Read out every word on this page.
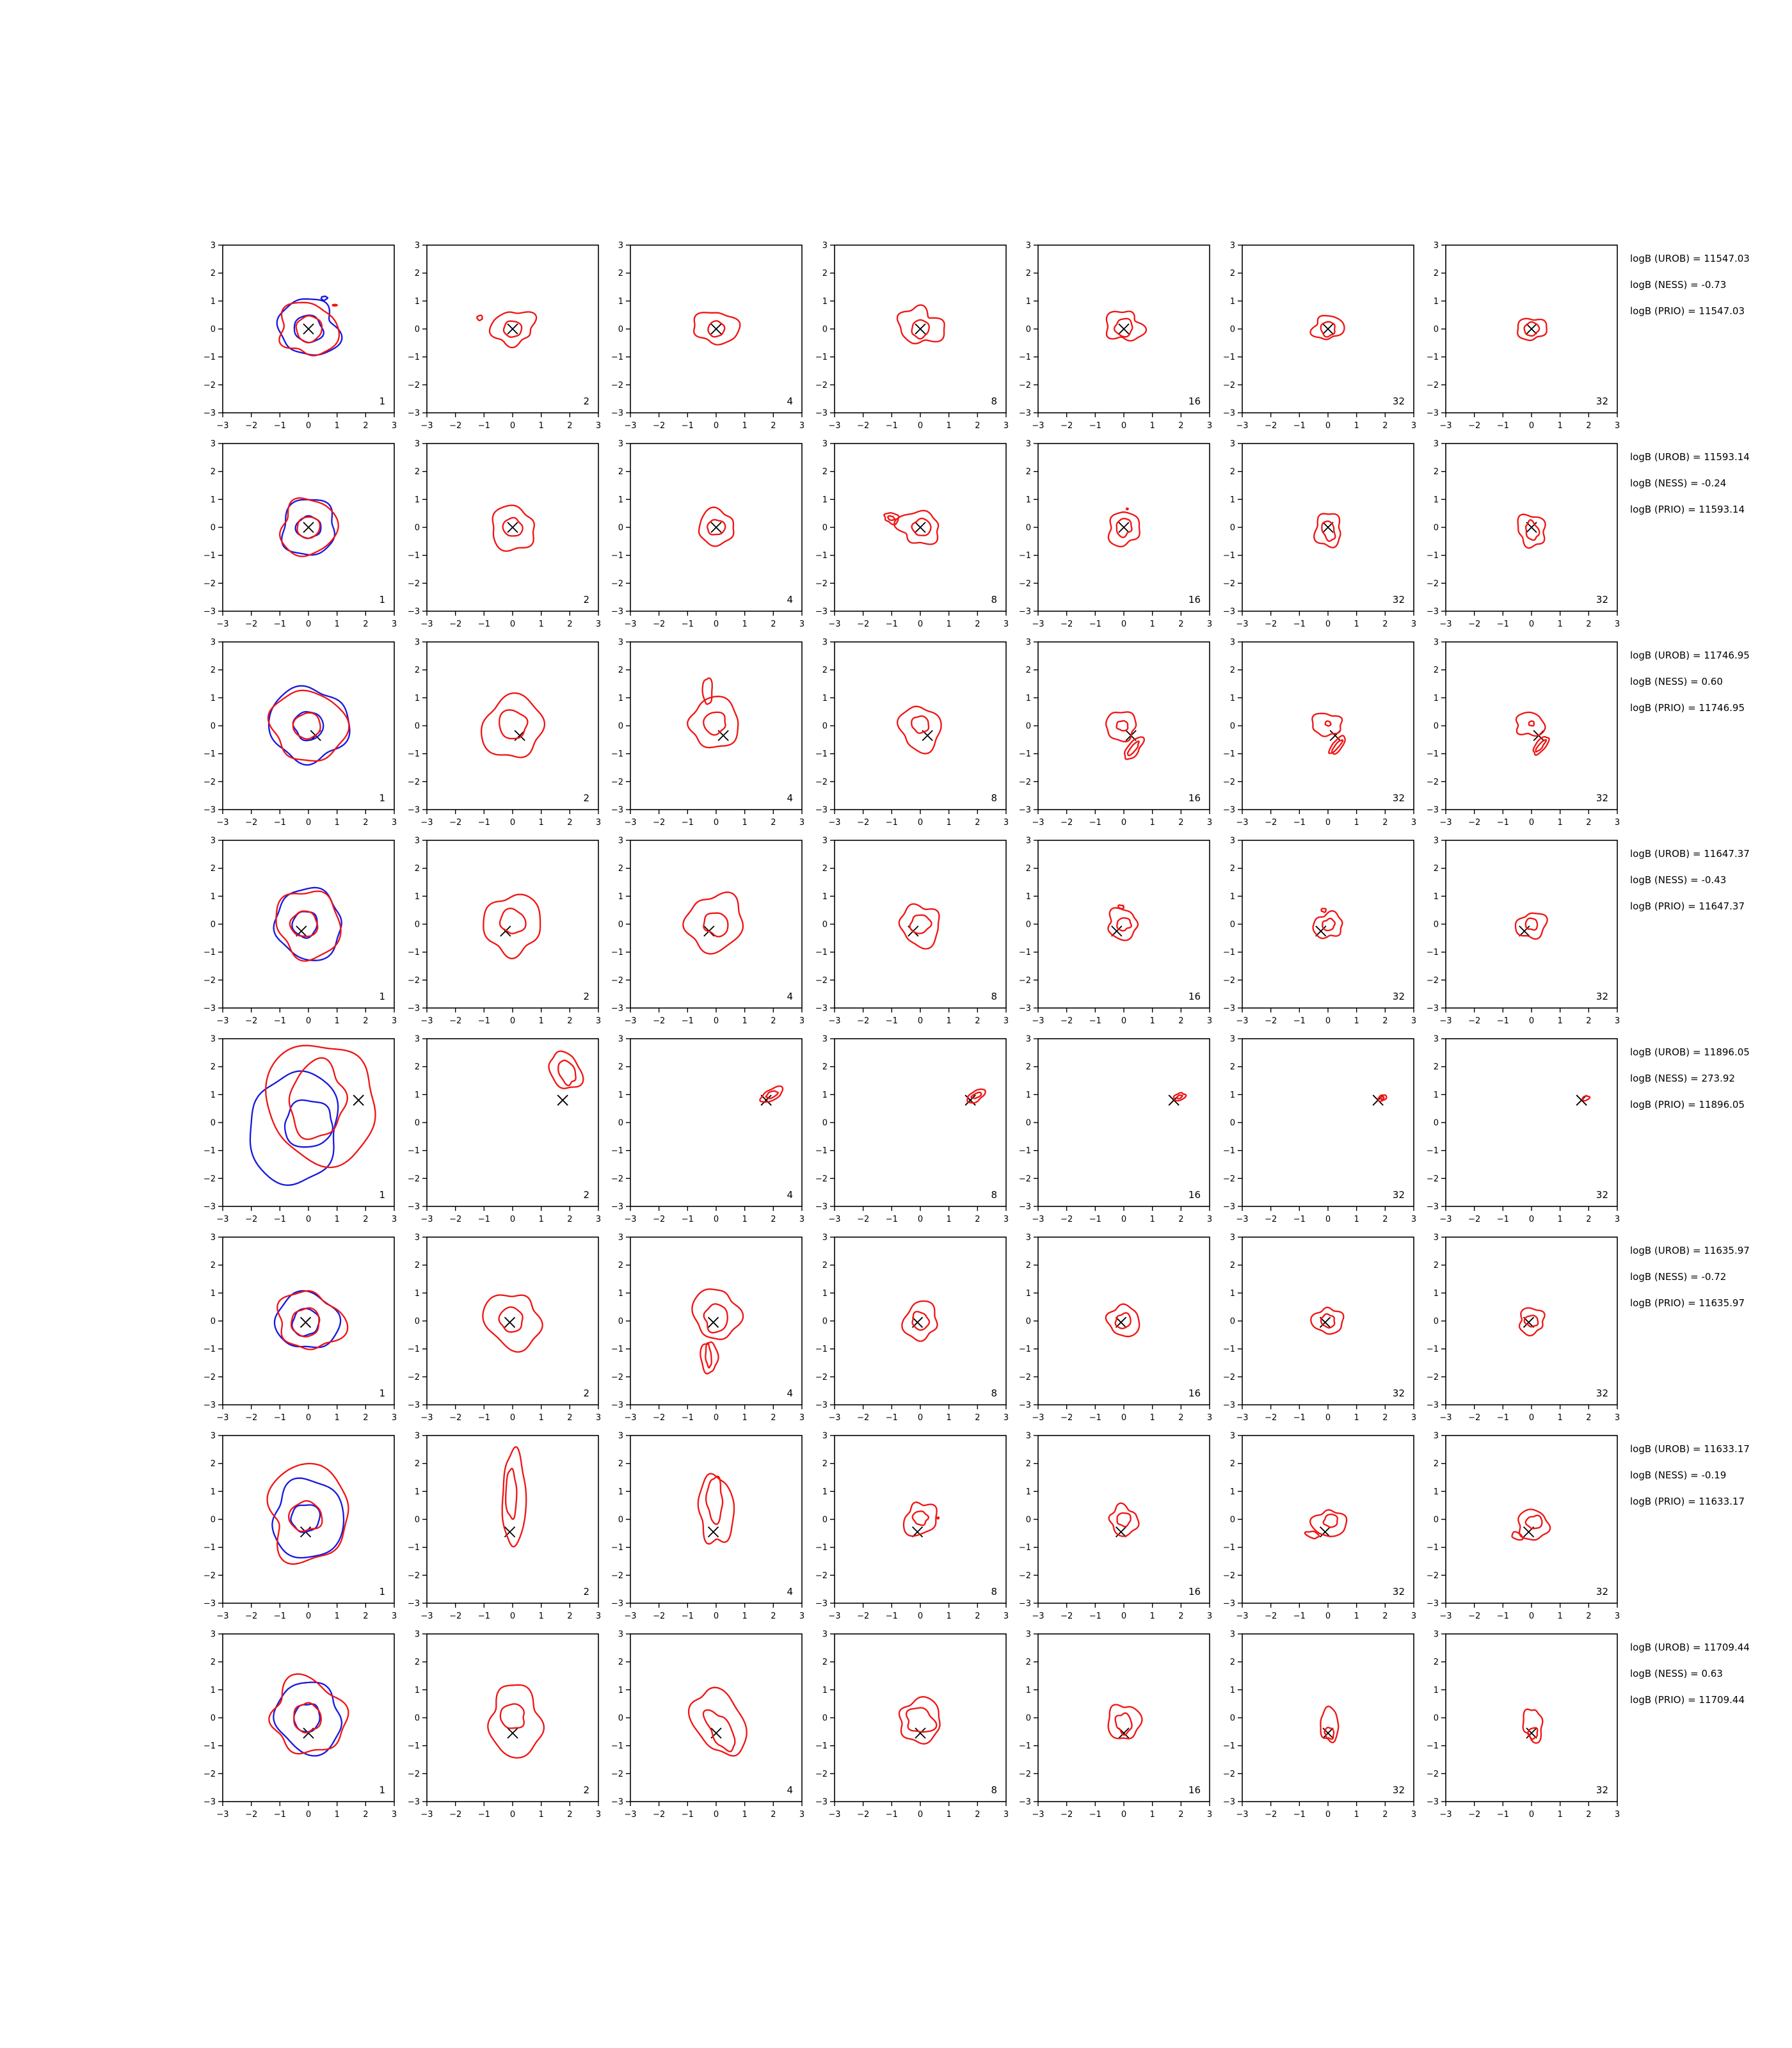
−3
−3
−2
−2
−1
−1
0
0
1
1
2
2
3
3
1
−3
−3
−2
−2
−1
−1
0
0
1
1
2
2
3
3
2
−3
−3
−2
−2
−1
−1
0
0
1
1
2
2
3
3
4
−3
−3
−2
−2
−1
−1
0
0
1
1
2
2
3
3
8
−3
−3
−2
−2
−1
−1
0
0
1
1
2
2
3
3
16
−3
−3
−2
−2
−1
−1
0
0
1
1
2
2
3
3
32
−3
−3
−2
−2
−1
−1
0
0
1
1
2
2
3
3
32
logB (UROB) = 11547.03
logB (NESS) = -0.73
logB (PRIO) = 11547.03
−3
−3
−2
−2
−1
−1
0
0
1
1
2
2
3
3
1
−3
−3
−2
−2
−1
−1
0
0
1
1
2
2
3
3
2
−3
−3
−2
−2
−1
−1
0
0
1
1
2
2
3
3
4
−3
−3
−2
−2
−1
−1
0
0
1
1
2
2
3
3
8
−3
−3
−2
−2
−1
−1
0
0
1
1
2
2
3
3
16
−3
−3
−2
−2
−1
−1
0
0
1
1
2
2
3
3
32
−3
−3
−2
−2
−1
−1
0
0
1
1
2
2
3
3
32
logB (UROB) = 11593.14
logB (NESS) = -0.24
logB (PRIO) = 11593.14
−3
−3
−2
−2
−1
−1
0
0
1
1
2
2
3
3
1
−3
−3
−2
−2
−1
−1
0
0
1
1
2
2
3
3
2
−3
−3
−2
−2
−1
−1
0
0
1
1
2
2
3
3
4
−3
−3
−2
−2
−1
−1
0
0
1
1
2
2
3
3
8
−3
−3
−2
−2
−1
−1
0
0
1
1
2
2
3
3
16
−3
−3
−2
−2
−1
−1
0
0
1
1
2
2
3
3
32
−3
−3
−2
−2
−1
−1
0
0
1
1
2
2
3
3
32
logB (UROB) = 11746.95
logB (NESS) = 0.60
logB (PRIO) = 11746.95
−3
−3
−2
−2
−1
−1
0
0
1
1
2
2
3
3
1
−3
−3
−2
−2
−1
−1
0
0
1
1
2
2
3
3
2
−3
−3
−2
−2
−1
−1
0
0
1
1
2
2
3
3
4
−3
−3
−2
−2
−1
−1
0
0
1
1
2
2
3
3
8
−3
−3
−2
−2
−1
−1
0
0
1
1
2
2
3
3
16
−3
−3
−2
−2
−1
−1
0
0
1
1
2
2
3
3
32
−3
−3
−2
−2
−1
−1
0
0
1
1
2
2
3
3
32
logB (UROB) = 11647.37
logB (NESS) = -0.43
logB (PRIO) = 11647.37
−3
−3
−2
−2
−1
−1
0
0
1
1
2
2
3
3
1
−3
−3
−2
−2
−1
−1
0
0
1
1
2
2
3
3
2
−3
−3
−2
−2
−1
−1
0
0
1
1
2
2
3
3
4
−3
−3
−2
−2
−1
−1
0
0
1
1
2
2
3
3
8
−3
−3
−2
−2
−1
−1
0
0
1
1
2
2
3
3
16
−3
−3
−2
−2
−1
−1
0
0
1
1
2
2
3
3
32
−3
−3
−2
−2
−1
−1
0
0
1
1
2
2
3
3
32
logB (UROB) = 11896.05
logB (NESS) = 273.92
logB (PRIO) = 11896.05
−3
−3
−2
−2
−1
−1
0
0
1
1
2
2
3
3
1
−3
−3
−2
−2
−1
−1
0
0
1
1
2
2
3
3
2
−3
−3
−2
−2
−1
−1
0
0
1
1
2
2
3
3
4
−3
−3
−2
−2
−1
−1
0
0
1
1
2
2
3
3
8
−3
−3
−2
−2
−1
−1
0
0
1
1
2
2
3
3
16
−3
−3
−2
−2
−1
−1
0
0
1
1
2
2
3
3
32
−3
−3
−2
−2
−1
−1
0
0
1
1
2
2
3
3
32
logB (UROB) = 11635.97
logB (NESS) = -0.72
logB (PRIO) = 11635.97
−3
−3
−2
−2
−1
−1
0
0
1
1
2
2
3
3
1
−3
−3
−2
−2
−1
−1
0
0
1
1
2
2
3
3
2
−3
−3
−2
−2
−1
−1
0
0
1
1
2
2
3
3
4
−3
−3
−2
−2
−1
−1
0
0
1
1
2
2
3
3
8
−3
−3
−2
−2
−1
−1
0
0
1
1
2
2
3
3
16
−3
−3
−2
−2
−1
−1
0
0
1
1
2
2
3
3
32
−3
−3
−2
−2
−1
−1
0
0
1
1
2
2
3
3
32
logB (UROB) = 11633.17
logB (NESS) = -0.19
logB (PRIO) = 11633.17
−3
−3
−2
−2
−1
−1
0
0
1
1
2
2
3
3
1
−3
−3
−2
−2
−1
−1
0
0
1
1
2
2
3
3
2
−3
−3
−2
−2
−1
−1
0
0
1
1
2
2
3
3
4
−3
−3
−2
−2
−1
−1
0
0
1
1
2
2
3
3
8
−3
−3
−2
−2
−1
−1
0
0
1
1
2
2
3
3
16
−3
−3
−2
−2
−1
−1
0
0
1
1
2
2
3
3
32
−3
−3
−2
−2
−1
−1
0
0
1
1
2
2
3
3
32
logB (UROB) = 11709.44
logB (NESS) = 0.63
logB (PRIO) = 11709.44
